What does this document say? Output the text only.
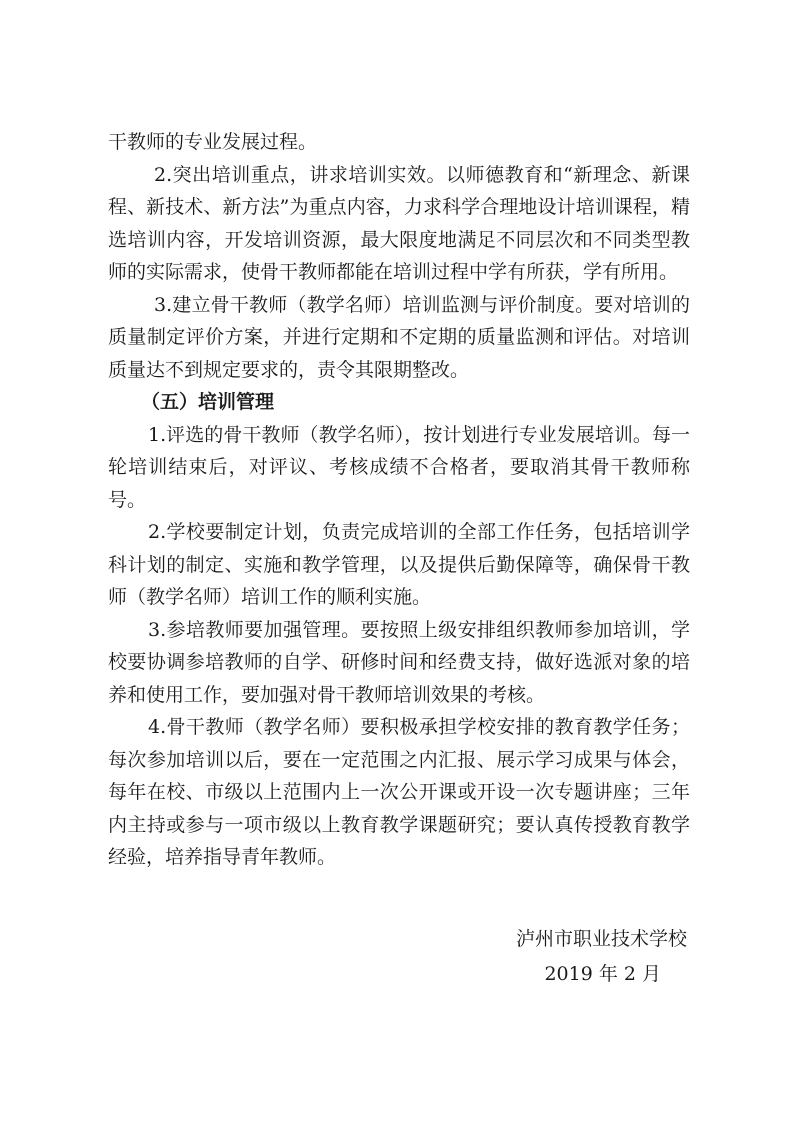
干教师的专业发展过程。

2.突出培训重点，讲求培训实效。以师德教育和“新理念、新课程、新技术、新方法”为重点内容，力求科学合理地设计培训课程，精选培训内容，开发培训资源，最大限度地满足不同层次和不同类型教师的实际需求，使骨干教师都能在培训过程中学有所获，学有所用。

3.建立骨干教师（教学名师）培训监测与评价制度。要对培训的质量制定评价方案，并进行定期和不定期的质量监测和评估。对培训质量达不到规定要求的，责令其限期整改。

（五）培训管理

1.评选的骨干教师（教学名师），按计划进行专业发展培训。每一轮培训结束后，对评议、考核成绩不合格者，要取消其骨干教师称号。

2.学校要制定计划，负责完成培训的全部工作任务，包括培训学科计划的制定、实施和教学管理，以及提供后勤保障等，确保骨干教师（教学名师）培训工作的顺利实施。

3.参培教师要加强管理。要按照上级安排组织教师参加培训，学校要协调参培教师的自学、研修时间和经费支持，做好选派对象的培养和使用工作，要加强对骨干教师培训效果的考核。

4.骨干教师（教学名师）要积极承担学校安排的教育教学任务；每次参加培训以后，要在一定范围之内汇报、展示学习成果与体会，每年在校、市级以上范围内上一次公开课或开设一次专题讲座；三年内主持或参与一项市级以上教育教学课题研究；要认真传授教育教学经验，培养指导青年教师。

泸州市职业技术学校
2019 年 2 月
